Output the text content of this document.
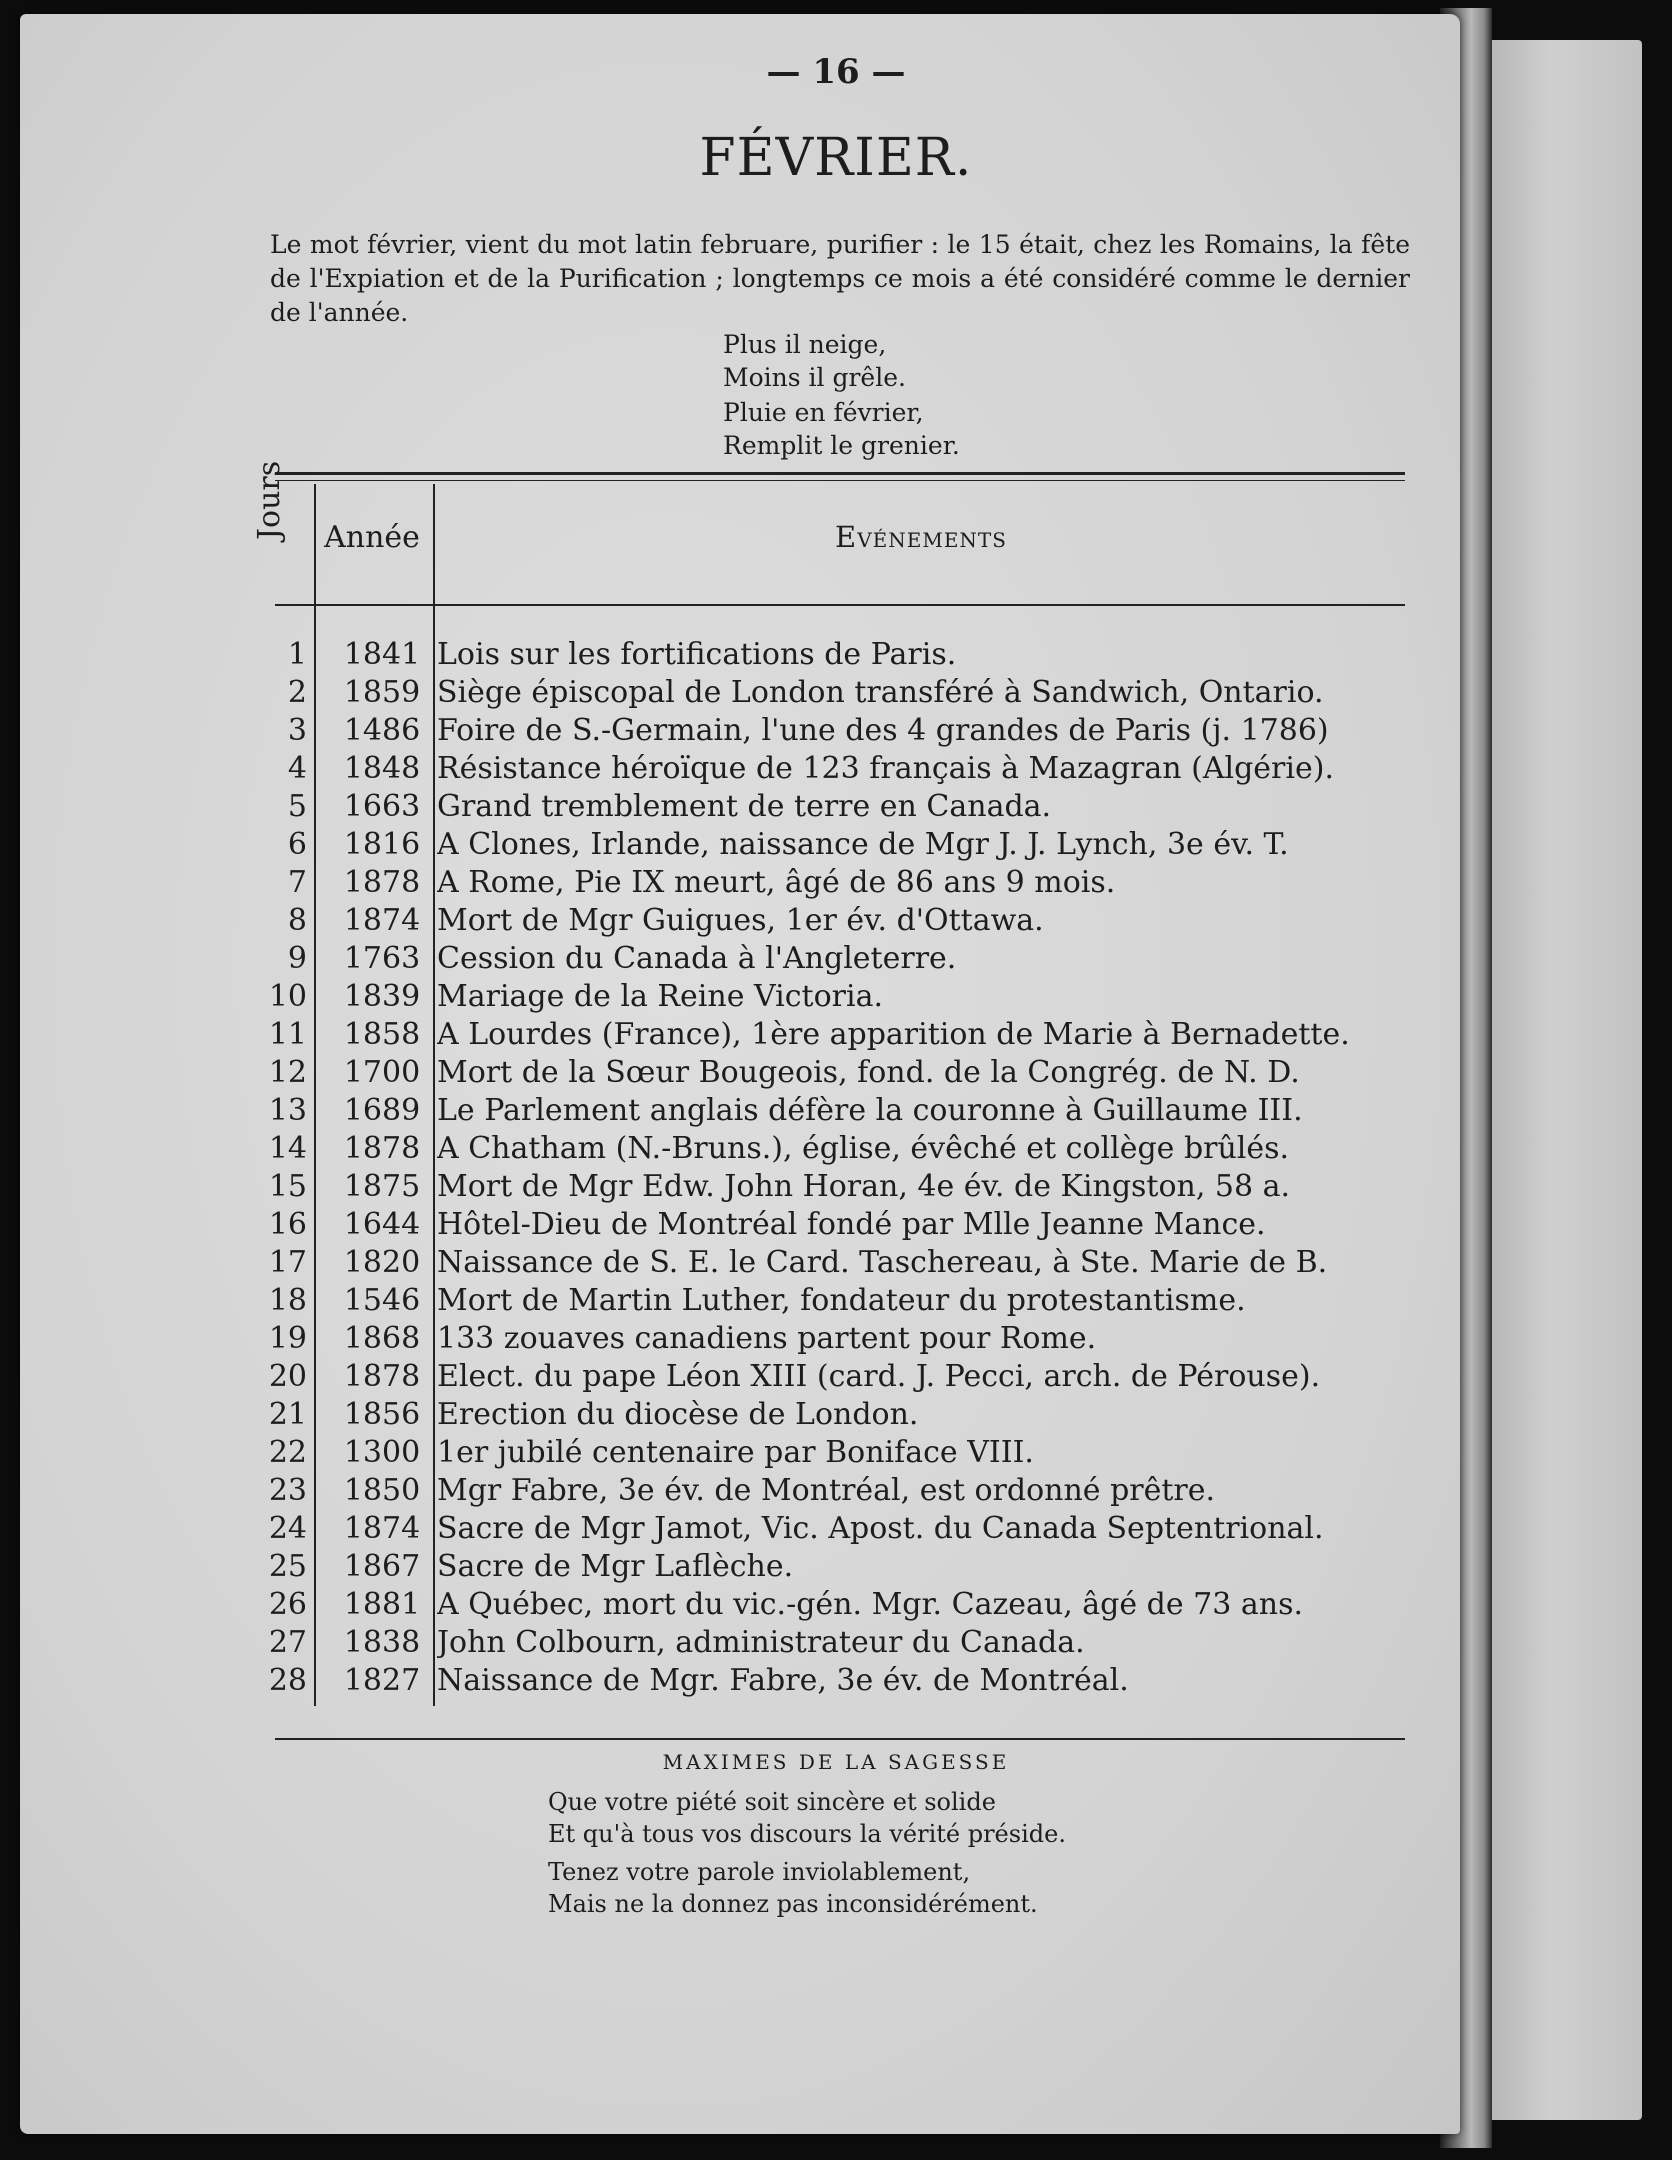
— 16 —
FÉVRIER.
Le mot février, vient du mot latin februare, purifier : le 15 était, chez les Romains, la fête de l'Expiation et de la Purification ; longtemps ce mois a été considéré comme le dernier de l'année.
Plus il neige,
Moins il grêle.
Pluie en février,
Remplit le grenier.
Jours Année	Evénements
1	1841 Lois sur les fortifications de Paris.
2	1859 Siège épiscopal de London transféré à Sandwich, Ontario.
3	1486 Foire de S.-Germain, l'une des 4 grandes de Paris (j. 1786)
4	1848 Résistance héroïque de 123 français à Mazagran (Algérie).
5	1663 Grand tremblement de terre en Canada.
6	1816 A Clones, Irlande, naissance de Mgr J. J. Lynch, 3e év. T.
7	1878 A Rome, Pie IX meurt, âgé de 86 ans 9 mois.
8	1874 Mort de Mgr Guigues, 1er év. d'Ottawa.
9	1763 Cession du Canada à l'Angleterre.
10	1839 Mariage de la Reine Victoria.
11	1858 A Lourdes (France), 1ère apparition de Marie à Bernadette.
12	1700 Mort de la Sœur Bougeois, fond. de la Congrég. de N. D.
13	1689 Le Parlement anglais défère la couronne à Guillaume III.
14	1878 A Chatham (N.-Bruns.), église, évêché et collège brûlés.
15	1875 Mort de Mgr Edw. John Horan, 4e év. de Kingston, 58 a.
16	1644 Hôtel-Dieu de Montréal fondé par Mlle Jeanne Mance.
17	1820 Naissance de S. E. le Card. Taschereau, à Ste. Marie de B.
18	1546 Mort de Martin Luther, fondateur du protestantisme.
19	1868 133 zouaves canadiens partent pour Rome.
20	1878 Elect. du pape Léon XIII (card. J. Pecci, arch. de Pérouse).
21	1856 Erection du diocèse de London.
22	1300 1er jubilé centenaire par Boniface VIII.
23	1850 Mgr Fabre, 3e év. de Montréal, est ordonné prêtre.
24	1874 Sacre de Mgr Jamot, Vic. Apost. du Canada Septentrional.
25	1867 Sacre de Mgr Laflèche.
26	1881 A Québec, mort du vic.-gén. Mgr. Cazeau, âgé de 73 ans.
27	1838 John Colbourn, administrateur du Canada.
28	1827 Naissance de Mgr. Fabre, 3e év. de Montréal.
MAXIMES DE LA SAGESSE
Que votre piété soit sincère et solide
Et qu'à tous vos discours la vérité préside.
Tenez votre parole inviolablement,
Mais ne la donnez pas inconsidérément.
